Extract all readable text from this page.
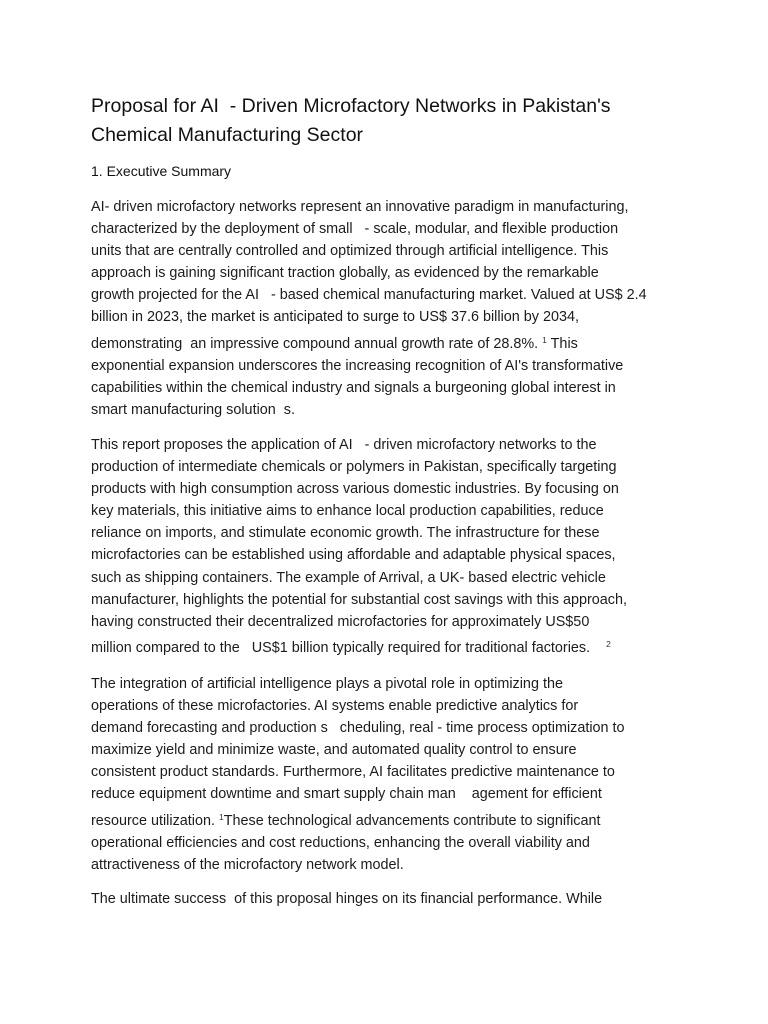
Proposal for AI  - Driven Microfactory Networks in Pakistan's
Chemical Manufacturing Sector
1. Executive Summary

AI- driven microfactory networks represent an innovative paradigm in manufacturing,
characterized by the deployment of small   - scale, modular, and flexible production
units that are centrally controlled and optimized through artificial intelligence. This
approach is gaining significant traction globally, as evidenced by the remarkable
growth projected for the AI   - based chemical manufacturing market. Valued at US$ 2.4
billion in 2023, the market is anticipated to surge to US$ 37.6 billion by 2034,
demonstrating  an impressive compound annual growth rate of 28.8%. $^1$ This
exponential expansion underscores the increasing recognition of AI's transformative
capabilities within the chemical industry and signals a burgeoning global interest in
smart manufacturing solution  s.

This report proposes the application of AI   - driven microfactory networks to the
production of intermediate chemicals or polymers in Pakistan, specifically targeting
products with high consumption across various domestic industries. By focusing on
key materials, this initiative aims to enhance local production capabilities, reduce
reliance on imports, and stimulate economic growth. The infrastructure for these
microfactories can be established using affordable and adaptable physical spaces,
such as shipping containers. The example of Arrival, a UK- based electric vehicle
manufacturer, highlights the potential for substantial cost savings with this approach,
having constructed their decentralized microfactories for approximately US$50
million compared to the   US$1 billion typically required for traditional factories.    $^2$

The integration of artificial intelligence plays a pivotal role in optimizing the
operations of these microfactories. AI systems enable predictive analytics for
demand forecasting and production s   cheduling, real - time process optimization to
maximize yield and minimize waste, and automated quality control to ensure
consistent product standards. Furthermore, AI facilitates predictive maintenance to
reduce equipment downtime and smart supply chain man    agement for efficient
resource utilization. $^1$These technological advancements contribute to significant
operational efficiencies and cost reductions, enhancing the overall viability and
attractiveness of the microfactory network model.

The ultimate success  of this proposal hinges on its financial performance. While
